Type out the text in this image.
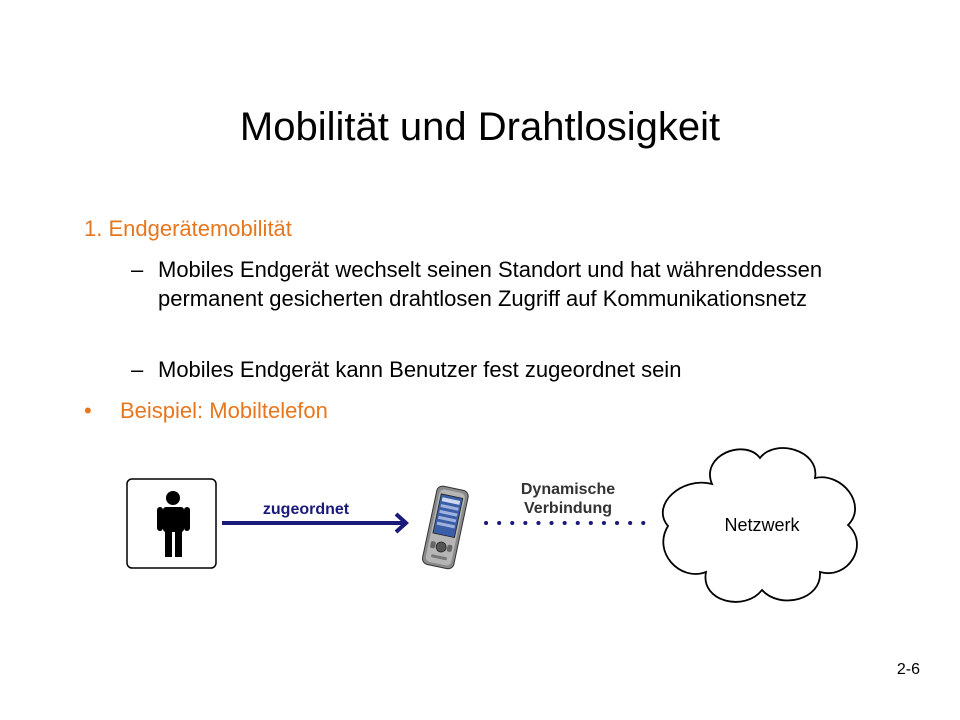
Mobilität und Drahtlosigkeit
1. Endgerätemobilität
– Mobiles Endgerät wechselt seinen Standort und hat währenddessen permanent gesicherten drahtlosen Zugriff auf Kommunikationsnetz
– Mobiles Endgerät kann Benutzer fest zugeordnet sein
•	Beispiel: Mobiltelefon
zugeordnet
Dynamische
Verbindung
Netzwerk
2-6
